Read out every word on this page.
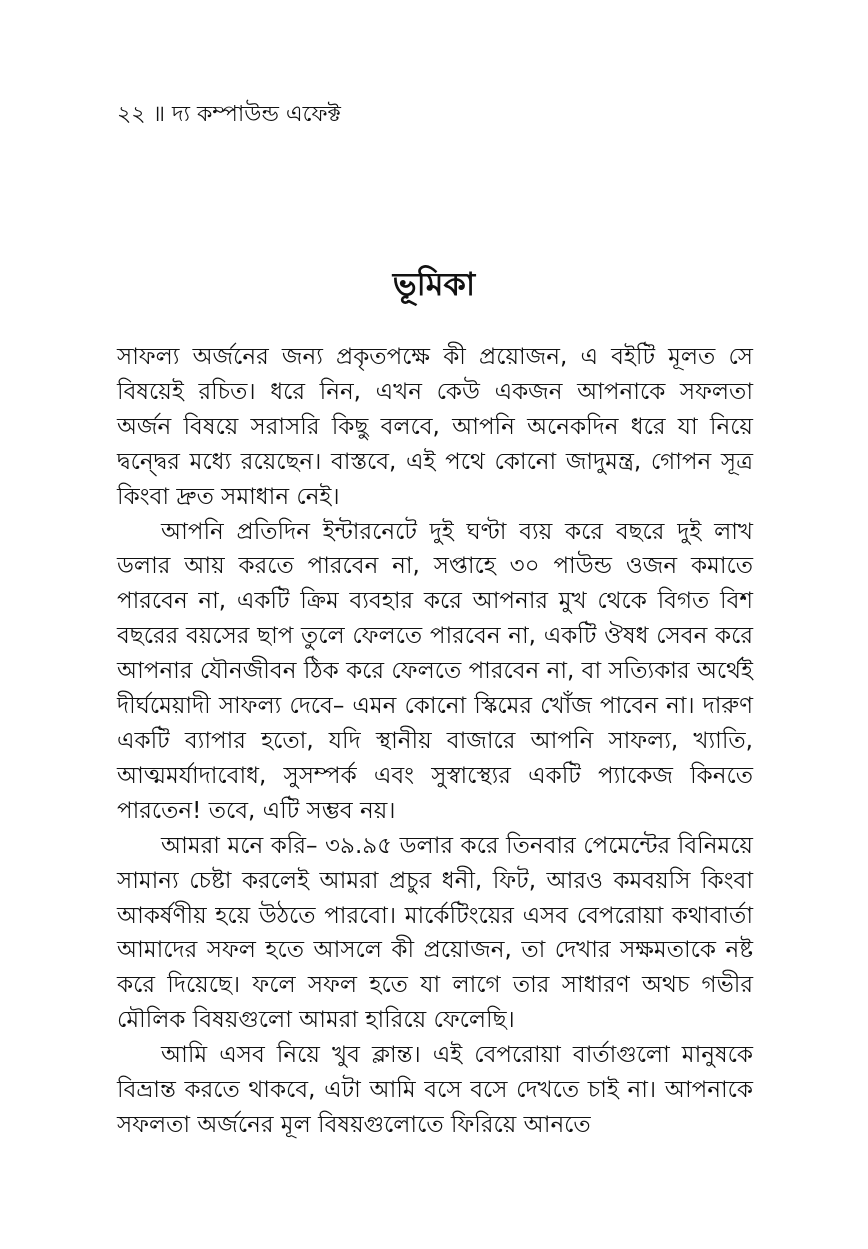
২২ ॥ দ্য কম্পাউন্ড এফেক্ট
ভূমিকা

সাফল্য অর্জনের জন্য প্রকৃতপক্ষে কী প্রয়োজন, এ বইটি মূলত সে বিষয়েই রচিত। ধরে নিন, এখন কেউ একজন আপনাকে সফলতা অর্জন বিষয়ে সরাসরি কিছু বলবে, আপনি অনেকদিন ধরে যা নিয়ে দ্বন্দ্বের মধ্যে রয়েছেন। বাস্তবে, এই পথে কোনো জাদুমন্ত্র, গোপন সূত্র কিংবা দ্রুত সমাধান নেই।

আপনি প্রতিদিন ইন্টারনেটে দুই ঘণ্টা ব্যয় করে বছরে দুই লাখ ডলার আয় করতে পারবেন না, সপ্তাহে ৩০ পাউন্ড ওজন কমাতে পারবেন না, একটি ক্রিম ব্যবহার করে আপনার মুখ থেকে বিগত বিশ বছরের বয়সের ছাপ তুলে ফেলতে পারবেন না, একটি ঔষধ সেবন করে আপনার যৌনজীবন ঠিক করে ফেলতে পারবেন না, বা সত্যিকার অর্থেই দীর্ঘমেয়াদী সাফল্য দেবে– এমন কোনো স্কিমের খোঁজ পাবেন না। দারুণ একটি ব্যাপার হতো, যদি স্থানীয় বাজারে আপনি সাফল্য, খ্যাতি, আত্মমর্যাদাবোধ, সুসম্পর্ক এবং সুস্বাস্থ্যের একটি প্যাকেজ কিনতে পারতেন! তবে, এটি সম্ভব নয়।

আমরা মনে করি– ৩৯.৯৫ ডলার করে তিনবার পেমেন্টের বিনিময়ে সামান্য চেষ্টা করলেই আমরা প্রচুর ধনী, ফিট, আরও কমবয়সি কিংবা আকর্ষণীয় হয়ে উঠতে পারবো। মার্কেটিংয়ের এসব বেপরোয়া কথাবার্তা আমাদের সফল হতে আসলে কী প্রয়োজন, তা দেখার সক্ষমতাকে নষ্ট করে দিয়েছে। ফলে সফল হতে যা লাগে তার সাধারণ অথচ গভীর মৌলিক বিষয়গুলো আমরা হারিয়ে ফেলেছি।

আমি এসব নিয়ে খুব ক্লান্ত। এই বেপরোয়া বার্তাগুলো মানুষকে বিভ্রান্ত করতে থাকবে, এটা আমি বসে বসে দেখতে চাই না। আপনাকে সফলতা অর্জনের মূল বিষয়গুলোতে ফিরিয়ে আনতে
